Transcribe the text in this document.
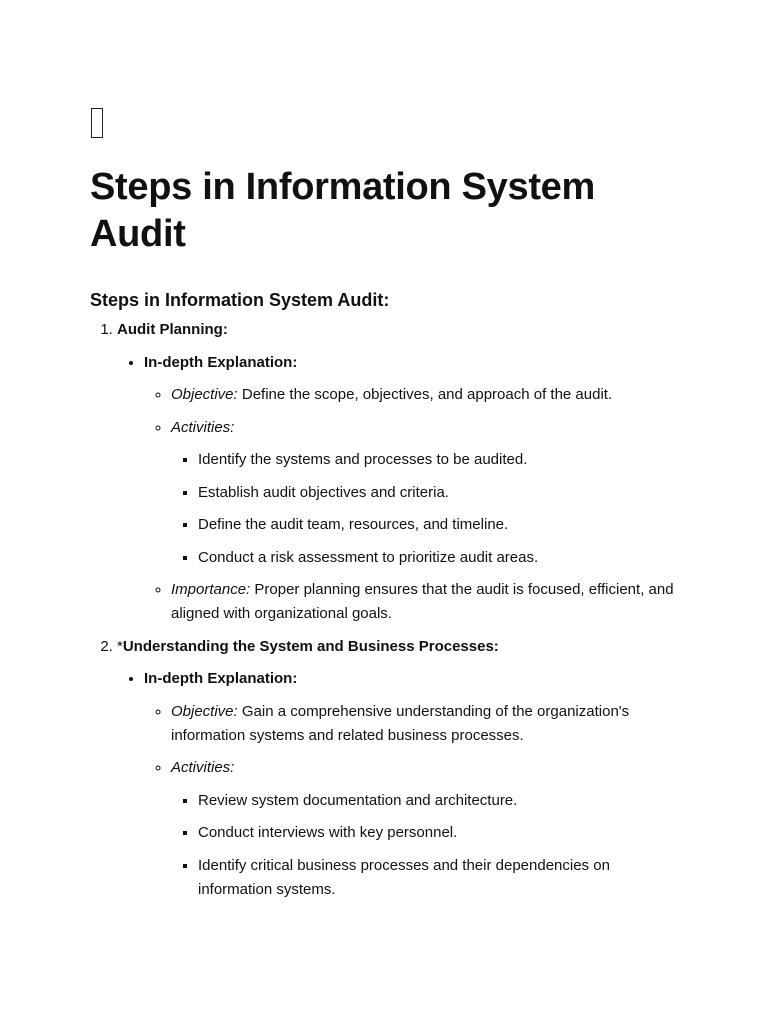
Steps in Information System Audit
Steps in Information System Audit:
1. Audit Planning:
• In-depth Explanation:
◦ Objective: Define the scope, objectives, and approach of the audit.
◦ Activities:
▪ Identify the systems and processes to be audited.
▪ Establish audit objectives and criteria.
▪ Define the audit team, resources, and timeline.
▪ Conduct a risk assessment to prioritize audit areas.
◦ Importance: Proper planning ensures that the audit is focused, efficient, and aligned with organizational goals.
2. *Understanding the System and Business Processes:
• In-depth Explanation:
◦ Objective: Gain a comprehensive understanding of the organization's information systems and related business processes.
◦ Activities:
▪ Review system documentation and architecture.
▪ Conduct interviews with key personnel.
▪ Identify critical business processes and their dependencies on information systems.
